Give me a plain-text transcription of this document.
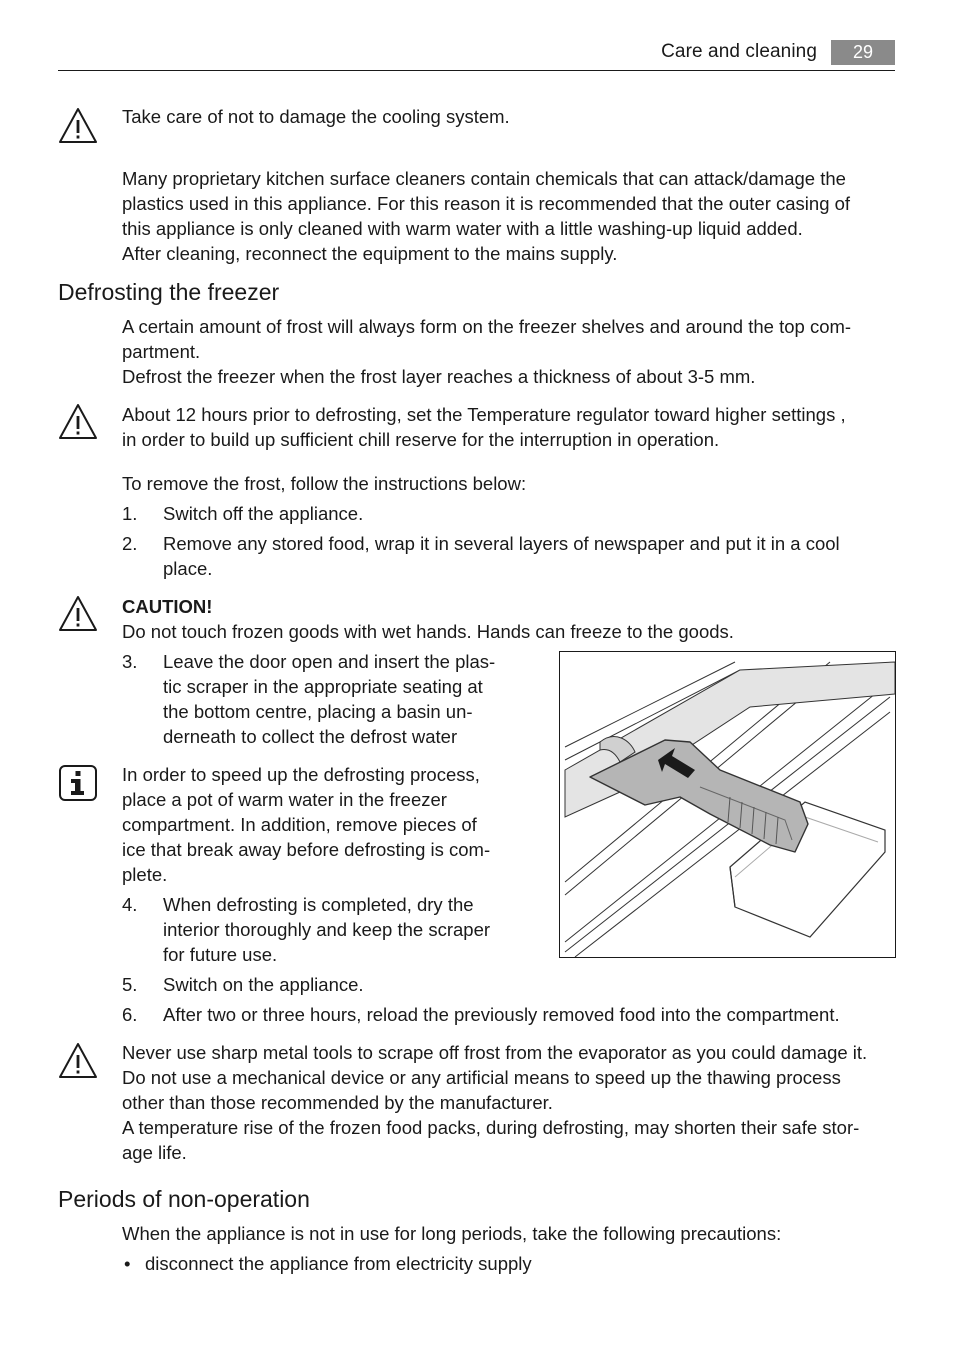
Care and cleaning	29
Take care of not to damage the cooling system.
Many proprietary kitchen surface cleaners contain chemicals that can attack/damage the
plastics used in this appliance. For this reason it is recommended that the outer casing of
this appliance is only cleaned with warm water with a little washing-up liquid added.
After cleaning, reconnect the equipment to the mains supply.
Defrosting the freezer
A certain amount of frost will always form on the freezer shelves and around the top com-
partment.
Defrost the freezer when the frost layer reaches a thickness of about 3-5 mm.
About 12 hours prior to defrosting, set the Temperature regulator toward higher settings ,
in order to build up sufficient chill reserve for the interruption in operation.
To remove the frost, follow the instructions below:
1. Switch off the appliance.
2. Remove any stored food, wrap it in several layers of newspaper and put it in a cool
place.
CAUTION!
Do not touch frozen goods with wet hands. Hands can freeze to the goods.
3. Leave the door open and insert the plas-
tic scraper in the appropriate seating at
the bottom centre, placing a basin un-
derneath to collect the defrost water
In order to speed up the defrosting process,
place a pot of warm water in the freezer
compartment. In addition, remove pieces of
ice that break away before defrosting is com-
plete.
4. When defrosting is completed, dry the
interior thoroughly and keep the scraper
for future use.
5. Switch on the appliance.
6. After two or three hours, reload the previously removed food into the compartment.
Never use sharp metal tools to scrape off frost from the evaporator as you could damage it.
Do not use a mechanical device or any artificial means to speed up the thawing process
other than those recommended by the manufacturer.
A temperature rise of the frozen food packs, during defrosting, may shorten their safe stor-
age life.
Periods of non-operation
When the appliance is not in use for long periods, take the following precautions:
• disconnect the appliance from electricity supply
